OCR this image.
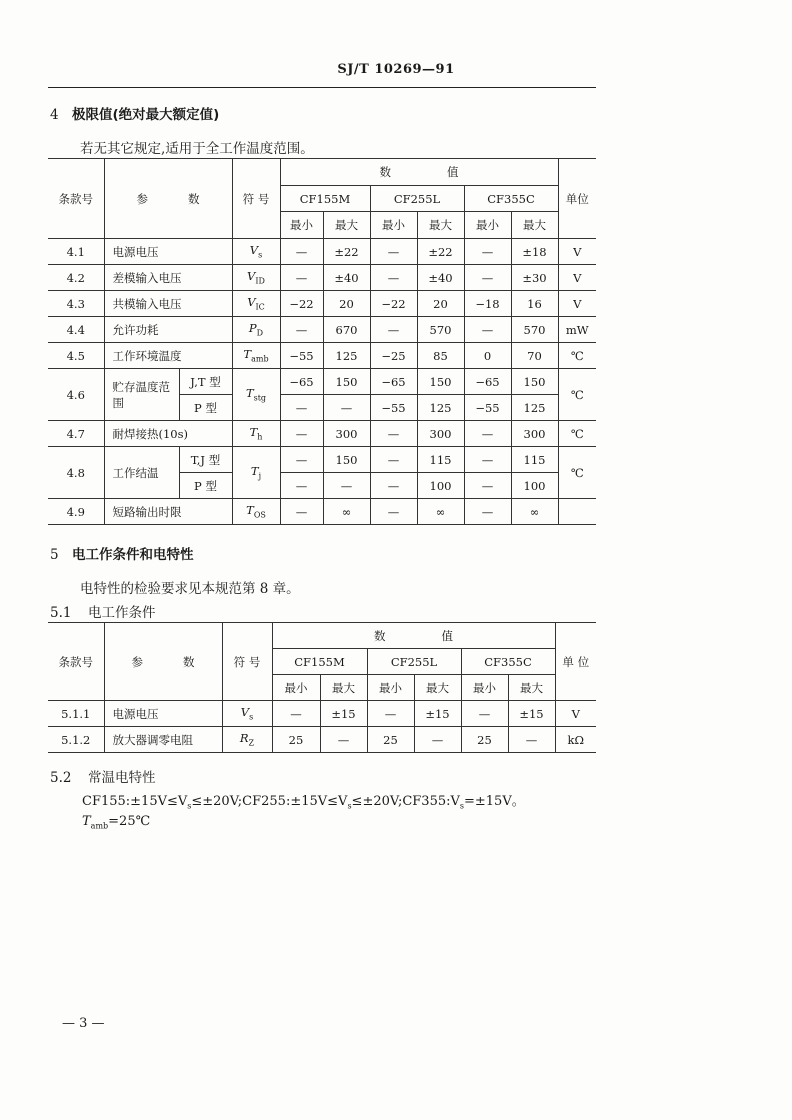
SJ/T 10269—91
4 极限值(绝对最大额定值)
若无其它规定,适用于全工作温度范围。
条款号	参 数		符 号	数 值						单位
				CF155M		CF255L		CF355C		
				最小	最大	最小	最大	最小	最大	
4.1	电源电压		$V_s$	—	±22	—	±22	—	±18	V
4.2	差模输入电压		$V_{ID}$	—	±40	—	±40	—	±30	V
4.3	共模输入电压		$V_{IC}$	−22	20	−22	20	−18	16	V
4.4	允许功耗		$P_D$	—	670	—	570	—	570	mW
4.5	工作环境温度		$T_{amb}$	−55	125	−25	85	0	70	℃
4.6	贮存温度范围	J,T 型	$T_{stg}$	−65	150	−65	150	−65	150	℃
		P 型		—	—	−55	125	−55	125	
4.7	耐焊接热(10s)		$T_h$	—	300	—	300	—	300	℃
4.8	工作结温	T,J 型	$T_j$	—	150	—	115	—	115	℃
		P 型		—	—	—	100	—	100	
4.9	短路输出时限		$T_{OS}$	—	∞	—	∞	—	∞	
5 电工作条件和电特性
电特性的检验要求见本规范第 8 章。
5.1 电工作条件
条款号	参 数	符 号	数 值						单 位
			CF155M		CF255L		CF355C		
			最小	最大	最小	最大	最小	最大	
5.1.1	电源电压	$V_s$	—	±15	—	±15	—	±15	V
5.1.2	放大器调零电阻	$R_Z$	25	—	25	—	25	—	kΩ
5.2 常温电特性
$CF155:\pm 15V\le V_s\le\pm 20V;CF255:\pm 15V\le V_s\le\pm 20V;CF355:V_s=\pm 15V$。
$T_{amb}=25℃$
— 3 —
